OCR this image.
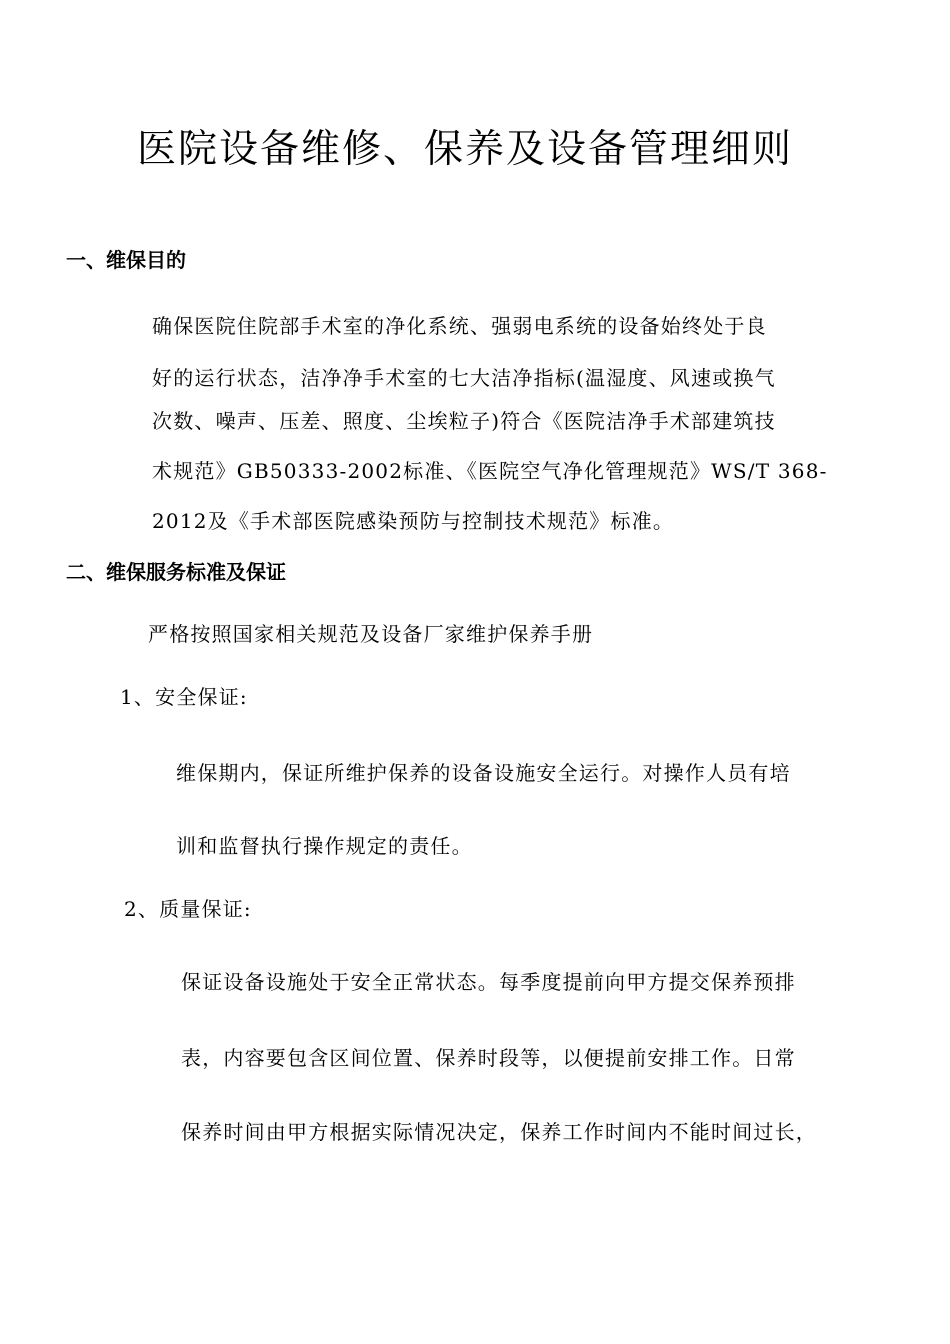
医院设备维修、保养及设备管理细则
一、维保目的

确保医院住院部手术室的净化系统、强弱电系统的设备始终处于良

好的运行状态，洁净净手术室的七大洁净指标(温湿度、风速或换气

次数、噪声、压差、照度、尘埃粒子)符合《医院洁净手术部建筑技

术规范》GB50333-2002标准、《医院空气净化管理规范》WS/T 368-

2012及《手术部医院感染预防与控制技术规范》标准。

二、维保服务标准及保证

严格按照国家相关规范及设备厂家维护保养手册

1、安全保证:

维保期内，保证所维护保养的设备设施安全运行。对操作人员有培

训和监督执行操作规定的责任。

2、质量保证:

保证设备设施处于安全正常状态。每季度提前向甲方提交保养预排

表，内容要包含区间位置、保养时段等，以便提前安排工作。日常

保养时间由甲方根据实际情况决定，保养工作时间内不能时间过长，
